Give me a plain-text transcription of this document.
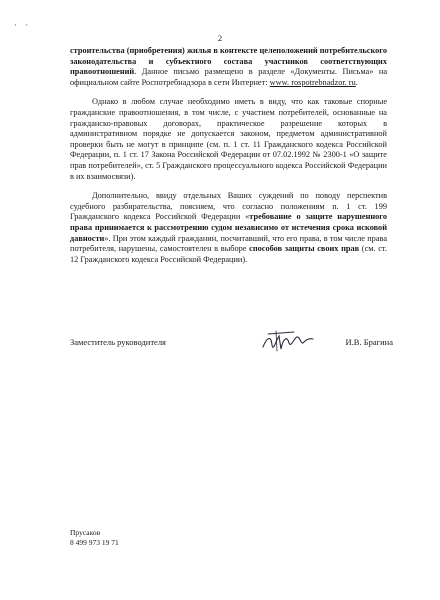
· ·
2

строительства (приобретения) жилья в контексте целеположений потребительского законодательства и субъектного состава участников соответствующих правоотношений. Данное письмо размещено в разделе «Документы. Письма» на официальном сайте Роспотребнадзора в сети Интернет: www. rospotrebnadzor. ru.

Однако в любом случае необходимо иметь в виду, что как таковые спорные гражданские правоотношения, в том числе, с участием потребителей, основанные на гражданско-правовых договорах, практическое разрешение которых в административном порядке не допускается законом, предметом административной проверки быть не могут в принципе (см. п. 1 ст. 11 Гражданского кодекса Российской Федерации, п. 1 ст. 17 Закона Российской Федерации от 07.02.1992 № 2300-1 «О защите прав потребителей», ст. 5 Гражданского процессуального кодекса Российской Федерации в их взаимосвязи).

Дополнительно, ввиду отдельных Ваших суждений по поводу перспектив судебного разбирательства, поясняем, что согласно положениям п. 1 ст. 199 Гражданского кодекса Российской Федерации «требование о защите нарушенного права принимается к рассмотрению судом независимо от истечения срока исковой давности». При этом каждый гражданин, посчитавший, что его права, в том числе права потребителя, нарушены, самостоятелен в выборе способов защиты своих прав (см. ст. 12 Гражданского кодекса Российской Федерации).

Заместитель руководителя	И.В. Брагина
Прусаков
8 499 973 19 71
